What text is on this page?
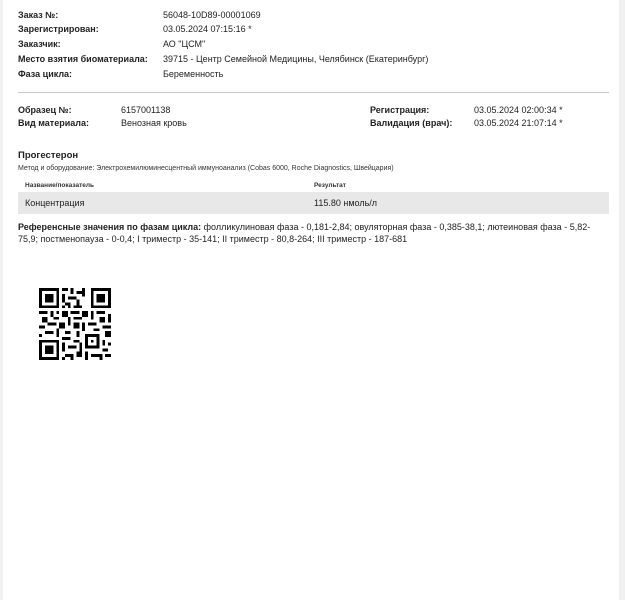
Заказ №:	56048-10D89-00001069
Зарегистрирован:	03.05.2024 07:15:16 *
Заказчик:	АО "ЦСМ"
Место взятия биоматериала: 39715 - Центр Семейной Медицины, Челябинск (Екатеринбург)
Фаза цикла:	Беременность
Образец №:	6157001138
Вид материала:	Венозная кровь
Регистрация:	03.05.2024 02:00:34 *
Валидация (врач): 03.05.2024 21:07:14 *
Прогестерон
Метод и оборудование: Электрохемилюминесцентный иммуноанализ (Cobas 6000, Roche Diagnostics, Швейцария)
Название/показатель	Результат
Концентрация	115.80 нмоль/л
Референсные значения по фазам цикла: фолликулиновая фаза - 0,181-2,84; овуляторная фаза - 0,385-38,1; лютеиновая фаза - 5,82-75,9; постменопауза - 0-0,4; I триместр - 35-141; II триместр - 80,8-264; III триместр - 187-681
